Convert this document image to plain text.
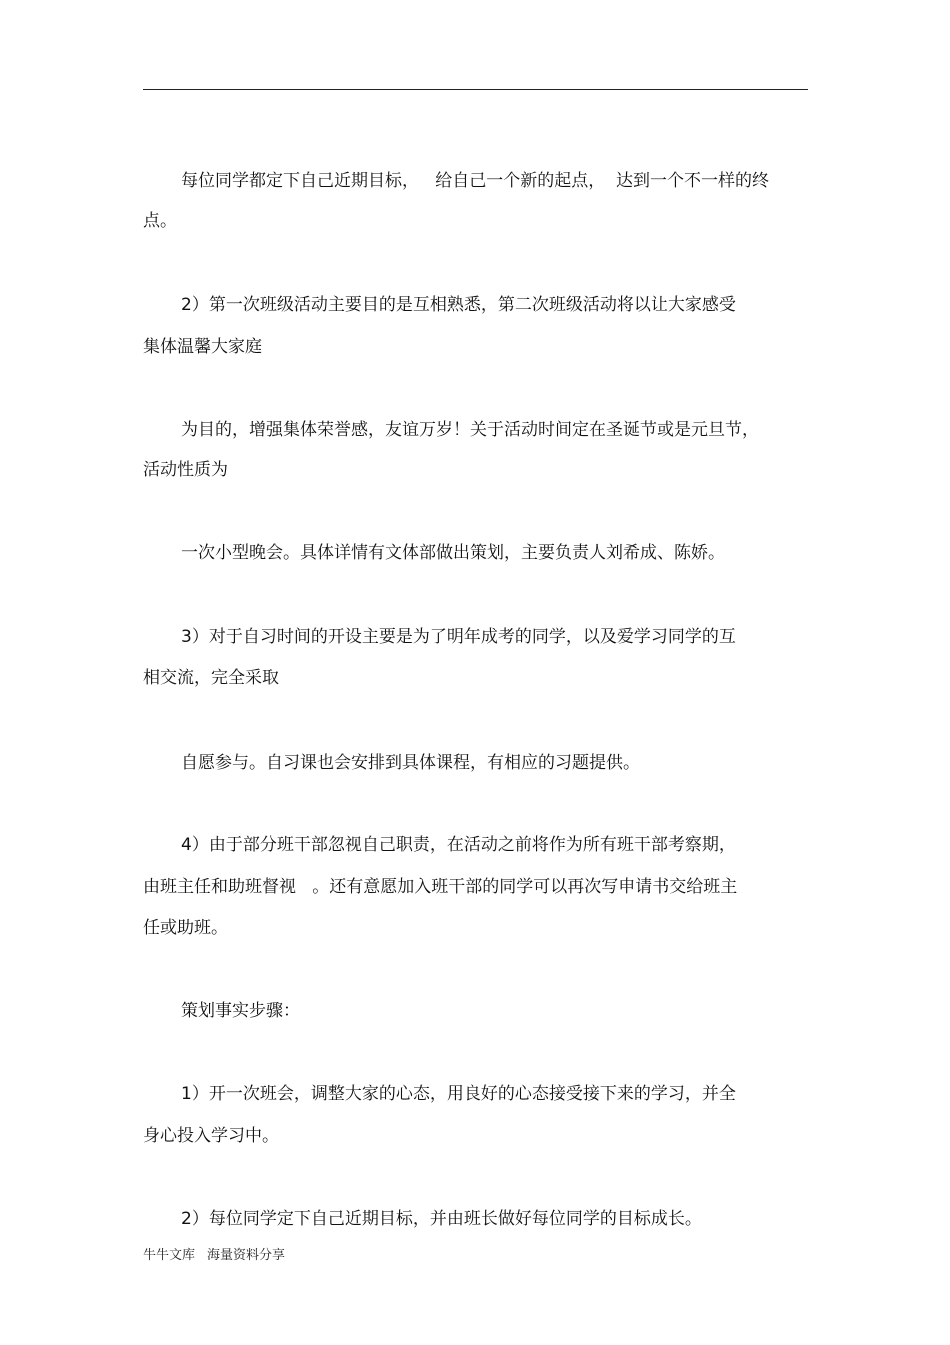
每位同学都定下自己近期目标，   给自己一个新的起点，  达到一个不一样的终
点。
2）第一次班级活动主要目的是互相熟悉，第二次班级活动将以让大家感受
集体温馨大家庭
为目的，增强集体荣誉感，友谊万岁！关于活动时间定在圣诞节或是元旦节，
活动性质为
一次小型晚会。具体详情有文体部做出策划，主要负责人刘希成、陈娇。
3）对于自习时间的开设主要是为了明年成考的同学，以及爱学习同学的互
相交流，完全采取
自愿参与。自习课也会安排到具体课程，有相应的习题提供。
4）由于部分班干部忽视自己职责，在活动之前将作为所有班干部考察期，
由班主任和助班督视   。还有意愿加入班干部的同学可以再次写申请书交给班主
任或助班。
策划事实步骤：
1）开一次班会，调整大家的心态，用良好的心态接受接下来的学习，并全
身心投入学习中。
2）每位同学定下自己近期目标，并由班长做好每位同学的目标成长。
牛牛文库 海量资料分享
